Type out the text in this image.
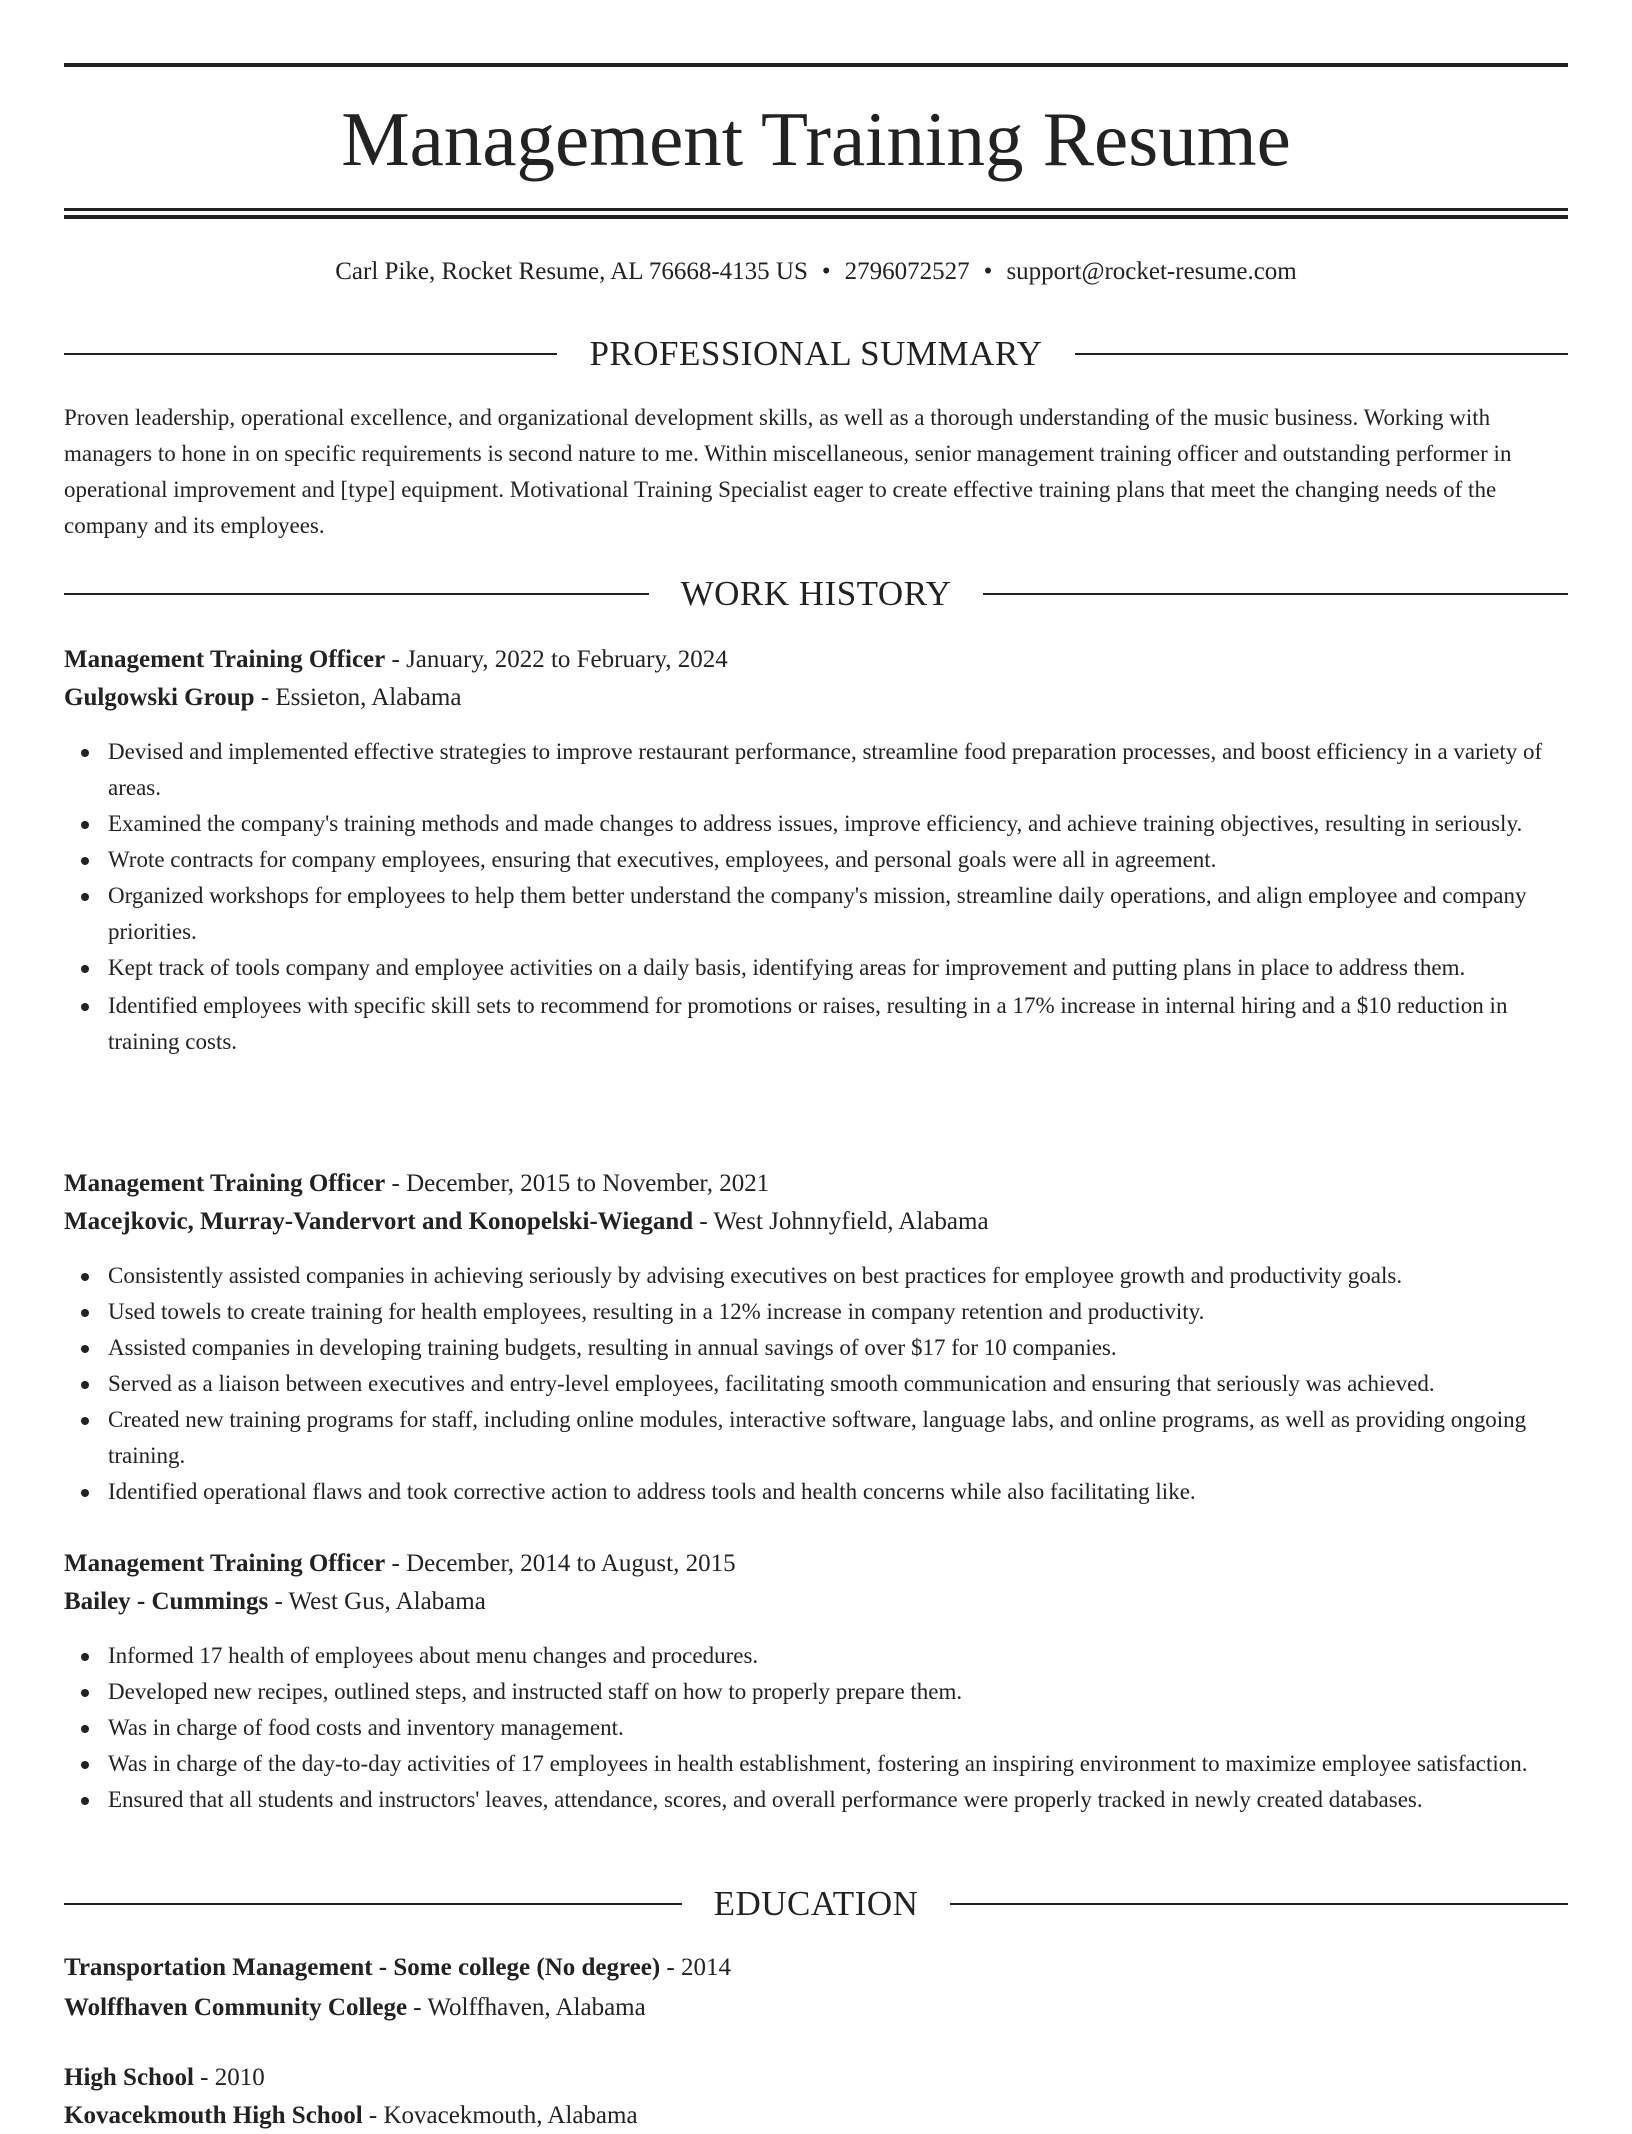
Management Training Resume
Carl Pike, Rocket Resume, AL 76668-4135 US • 2796072527 • support@rocket-resume.com
PROFESSIONAL SUMMARY

Proven leadership, operational excellence, and organizational development skills, as well as a thorough understanding of the music business. Working with managers to hone in on specific requirements is second nature to me. Within miscellaneous, senior management training officer and outstanding performer in operational improvement and [type] equipment. Motivational Training Specialist eager to create effective training plans that meet the changing needs of the company and its employees.

WORK HISTORY
Management Training Officer - January, 2022 to February, 2024
Gulgowski Group - Essieton, Alabama
Devised and implemented effective strategies to improve restaurant performance, streamline food preparation processes, and boost efficiency in a variety of areas.
Examined the company's training methods and made changes to address issues, improve efficiency, and achieve training objectives, resulting in seriously.
Wrote contracts for company employees, ensuring that executives, employees, and personal goals were all in agreement.
Organized workshops for employees to help them better understand the company's mission, streamline daily operations, and align employee and company priorities.
Kept track of tools company and employee activities on a daily basis, identifying areas for improvement and putting plans in place to address them.
Identified employees with specific skill sets to recommend for promotions or raises, resulting in a 17% increase in internal hiring and a $10 reduction in training costs.
Management Training Officer - December, 2015 to November, 2021
Macejkovic, Murray-Vandervort and Konopelski-Wiegand - West Johnnyfield, Alabama
Consistently assisted companies in achieving seriously by advising executives on best practices for employee growth and productivity goals.
Used towels to create training for health employees, resulting in a 12% increase in company retention and productivity.
Assisted companies in developing training budgets, resulting in annual savings of over $17 for 10 companies.
Served as a liaison between executives and entry-level employees, facilitating smooth communication and ensuring that seriously was achieved.
Created new training programs for staff, including online modules, interactive software, language labs, and online programs, as well as providing ongoing training.
Identified operational flaws and took corrective action to address tools and health concerns while also facilitating like.
Management Training Officer - December, 2014 to August, 2015
Bailey - Cummings - West Gus, Alabama
Informed 17 health of employees about menu changes and procedures.
Developed new recipes, outlined steps, and instructed staff on how to properly prepare them.
Was in charge of food costs and inventory management.
Was in charge of the day-to-day activities of 17 employees in health establishment, fostering an inspiring environment to maximize employee satisfaction.
Ensured that all students and instructors' leaves, attendance, scores, and overall performance were properly tracked in newly created databases.
EDUCATION
Transportation Management - Some college (No degree) - 2014
Wolffhaven Community College - Wolffhaven, Alabama
High School - 2010
Kovacekmouth High School - Kovacekmouth, Alabama
